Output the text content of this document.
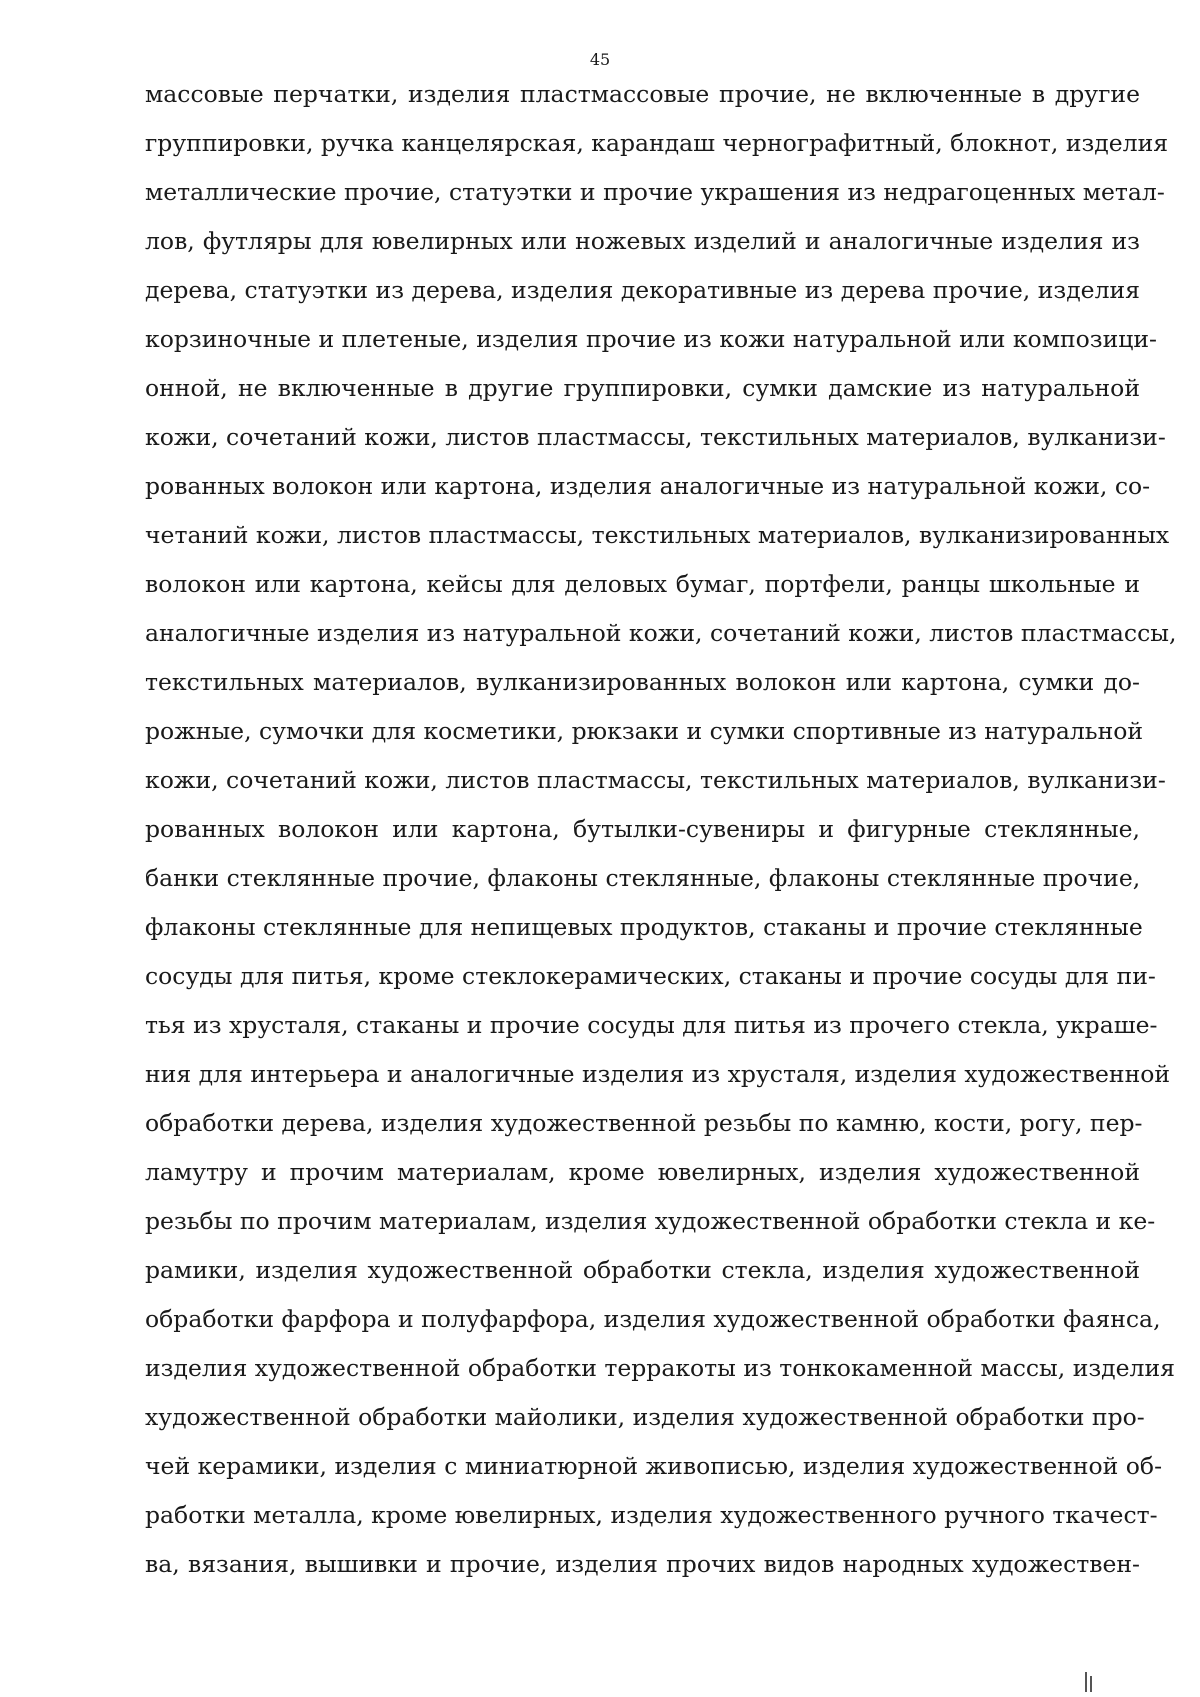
45
массовые перчатки, изделия пластмассовые прочие, не включенные в другие
группировки, ручка канцелярская, карандаш чернографитный, блокнот, изделия
металлические прочие, статуэтки и прочие украшения из недрагоценных метал-
лов, футляры для ювелирных или ножевых изделий и аналогичные изделия из
дерева, статуэтки из дерева, изделия декоративные из дерева прочие, изделия
корзиночные и плетеные, изделия прочие из кожи натуральной или композици-
онной, не включенные в другие группировки, сумки дамские из натуральной
кожи, сочетаний кожи, листов пластмассы, текстильных материалов, вулканизи-
рованных волокон или картона, изделия аналогичные из натуральной кожи, со-
четаний кожи, листов пластмассы, текстильных материалов, вулканизированных
волокон или картона, кейсы для деловых бумаг, портфели, ранцы школьные и
аналогичные изделия из натуральной кожи, сочетаний кожи, листов пластмассы,
текстильных материалов, вулканизированных волокон или картона, сумки до-
рожные, сумочки для косметики, рюкзаки и сумки спортивные из натуральной
кожи, сочетаний кожи, листов пластмассы, текстильных материалов, вулканизи-
рованных волокон или картона, бутылки-сувениры и фигурные стеклянные,
банки стеклянные прочие, флаконы стеклянные, флаконы стеклянные прочие,
флаконы стеклянные для непищевых продуктов, стаканы и прочие стеклянные
сосуды для питья, кроме стеклокерамических, стаканы и прочие сосуды для пи-
тья из хрусталя, стаканы и прочие сосуды для питья из прочего стекла, украше-
ния для интерьера и аналогичные изделия из хрусталя, изделия художественной
обработки дерева, изделия художественной резьбы по камню, кости, рогу, пер-
ламутру и прочим материалам, кроме ювелирных, изделия художественной
резьбы по прочим материалам, изделия художественной обработки стекла и ке-
рамики, изделия художественной обработки стекла, изделия художественной
обработки фарфора и полуфарфора, изделия художественной обработки фаянса,
изделия художественной обработки терракоты из тонкокаменной массы, изделия
художественной обработки майолики, изделия художественной обработки про-
чей керамики, изделия с миниатюрной живописью, изделия художественной об-
работки металла, кроме ювелирных, изделия художественного ручного ткачест-
ва, вязания, вышивки и прочие, изделия прочих видов народных художествен-
